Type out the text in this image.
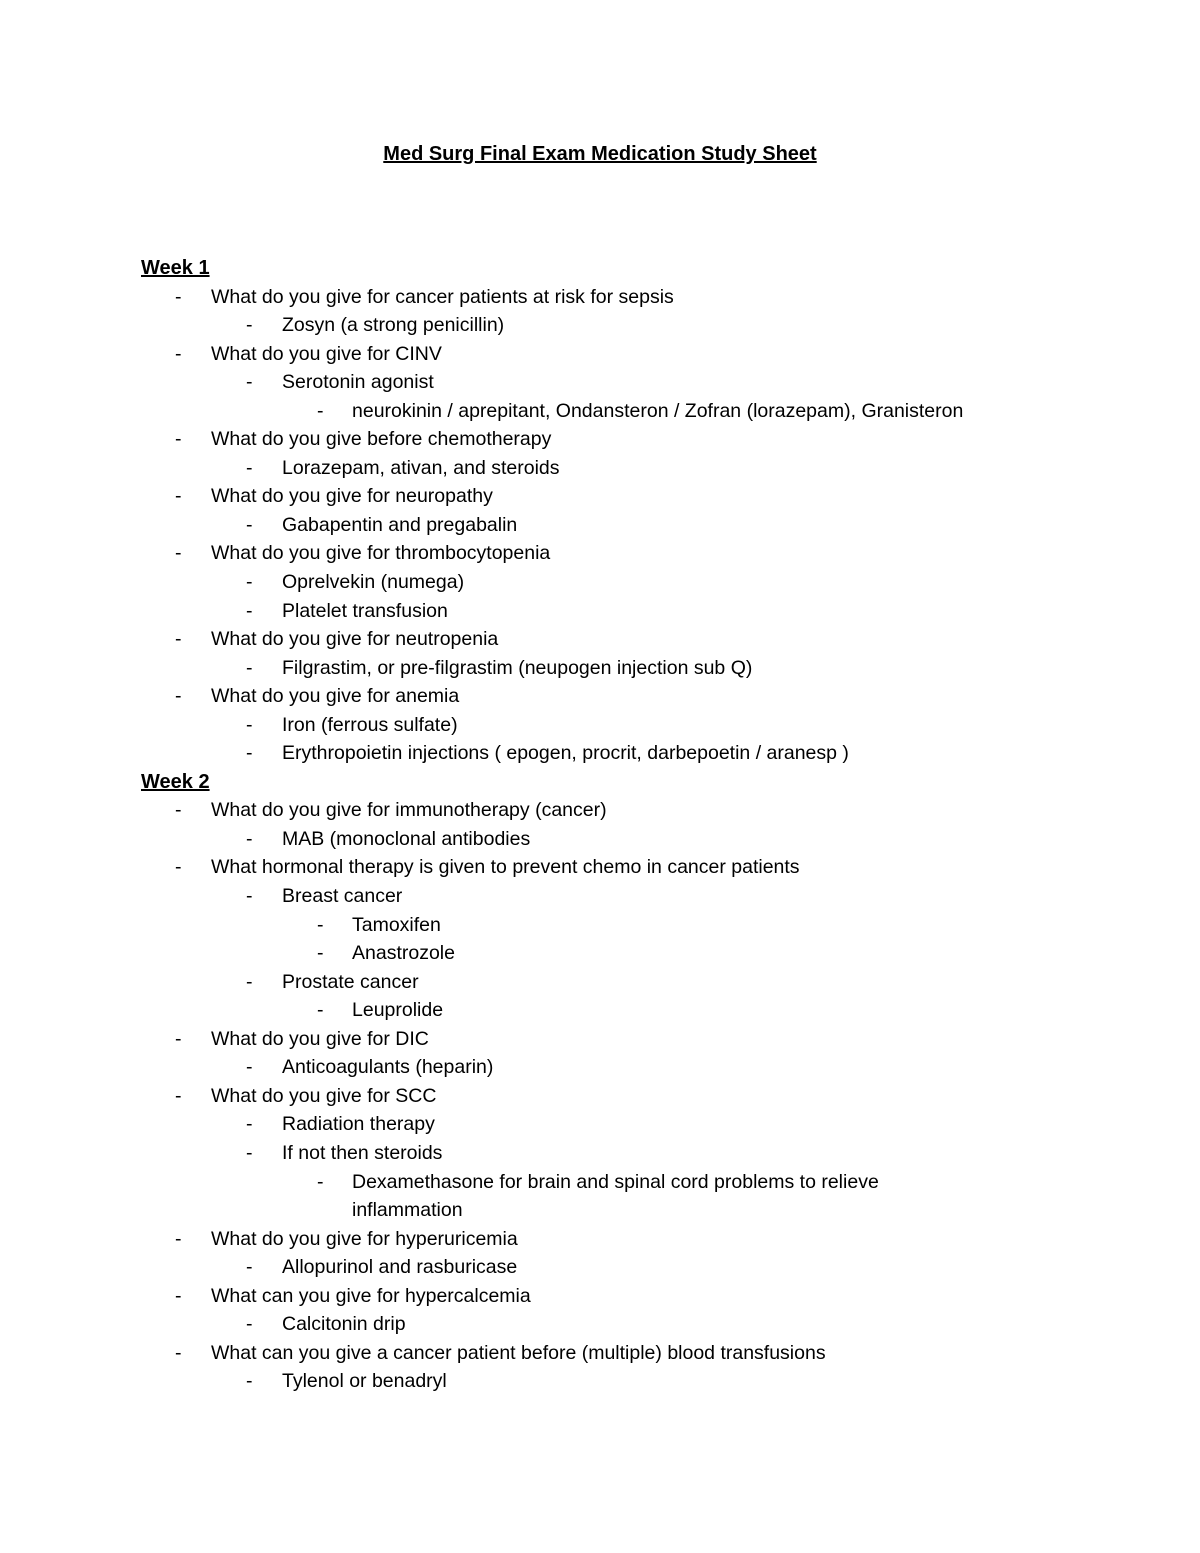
Med Surg Final Exam Medication Study Sheet
Week 1
- What do you give for cancer patients at risk for sepsis
- Zosyn (a strong penicillin)
- What do you give for CINV
- Serotonin agonist
- neurokinin / aprepitant, Ondansteron / Zofran (lorazepam), Granisteron
- What do you give before chemotherapy
- Lorazepam, ativan, and steroids
- What do you give for neuropathy
- Gabapentin and pregabalin
- What do you give for thrombocytopenia
- Oprelvekin (numega)
- Platelet transfusion
- What do you give for neutropenia
- Filgrastim, or pre-filgrastim (neupogen injection sub Q)
- What do you give for anemia
- Iron (ferrous sulfate)
- Erythropoietin injections ( epogen, procrit, darbepoetin / aranesp )
Week 2
- What do you give for immunotherapy (cancer)
- MAB (monoclonal antibodies
- What hormonal therapy is given to prevent chemo in cancer patients
- Breast cancer
- Tamoxifen
- Anastrozole
- Prostate cancer
- Leuprolide
- What do you give for DIC
- Anticoagulants (heparin)
- What do you give for SCC
- Radiation therapy
- If not then steroids
- Dexamethasone for brain and spinal cord problems to relieve
inflammation
- What do you give for hyperuricemia
- Allopurinol and rasburicase
- What can you give for hypercalcemia
- Calcitonin drip
- What can you give a cancer patient before (multiple) blood transfusions
- Tylenol or benadryl
